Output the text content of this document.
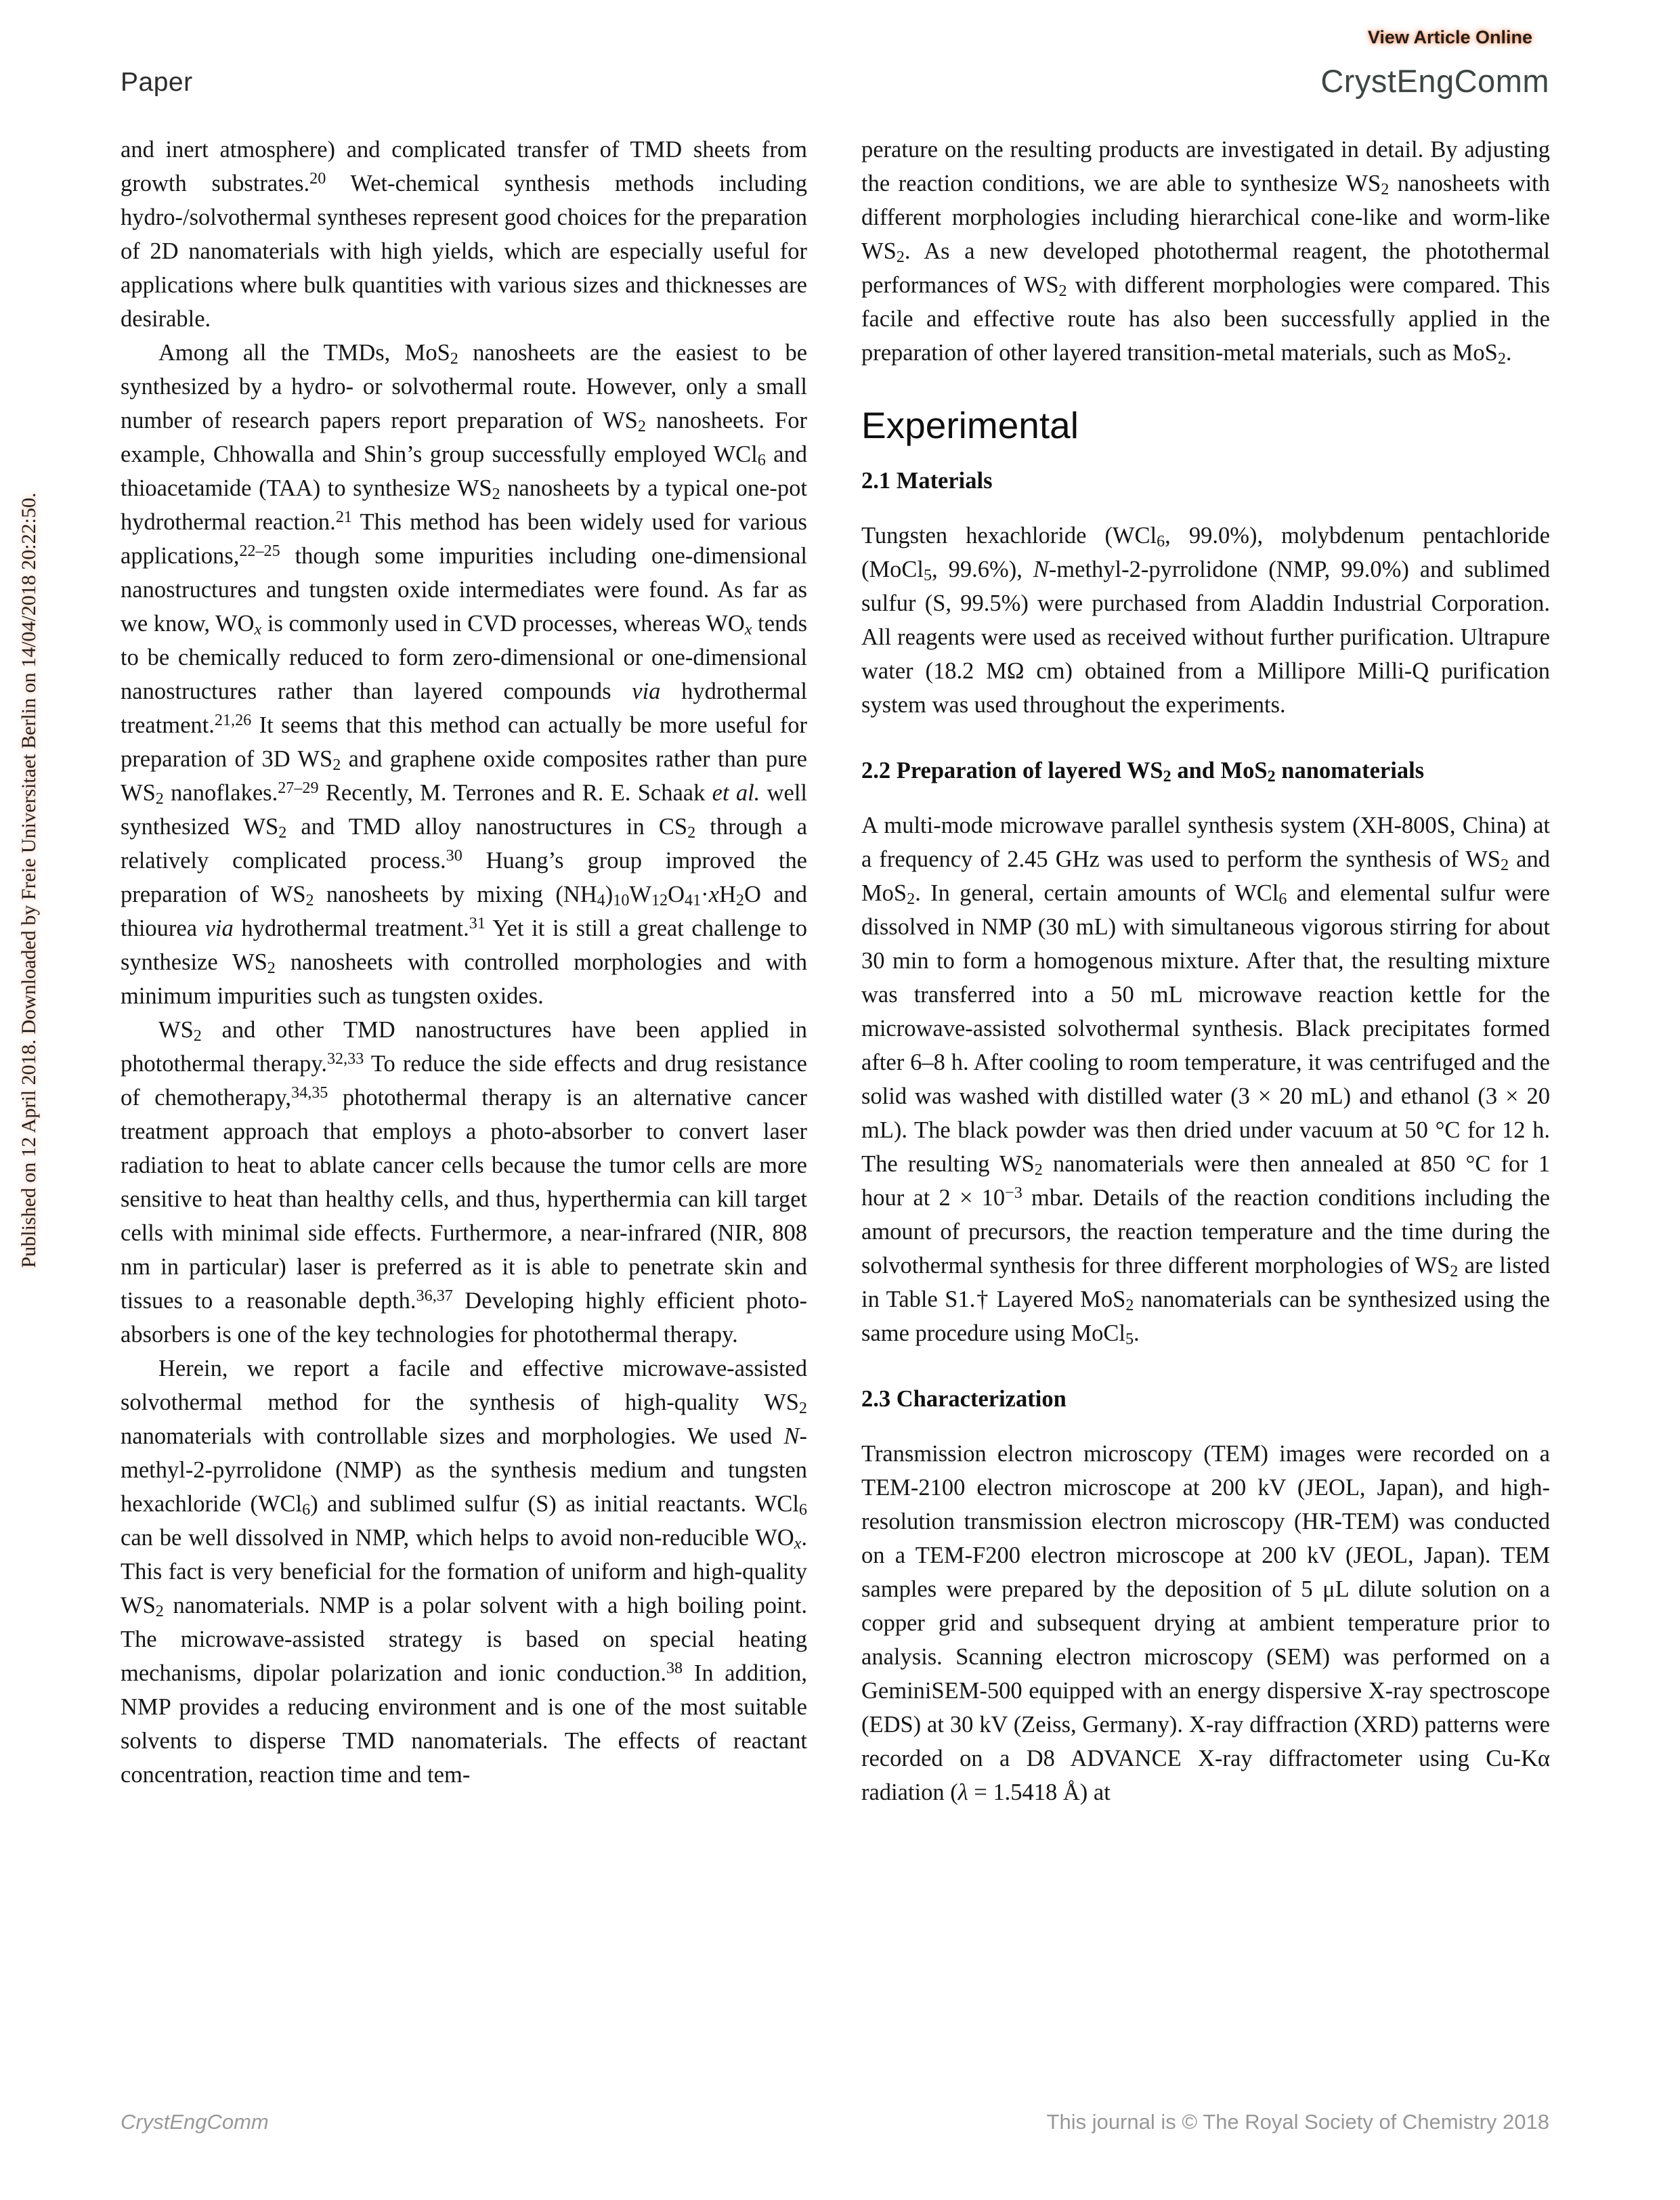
View Article Online
Paper	CrystEngComm
Published on 12 April 2018. Downloaded by Freie Universitaet Berlin on 14/04/2018 20:22:50.

and inert atmosphere) and complicated transfer of TMD sheets from growth substrates.$^{20}$ Wet-chemical synthesis methods including hydro-/solvothermal syntheses represent good choices for the preparation of 2D nanomaterials with high yields, which are especially useful for applications where bulk quantities with various sizes and thicknesses are desirable.

Among all the TMDs, MoS$_2$ nanosheets are the easiest to be synthesized by a hydro- or solvothermal route. However, only a small number of research papers report preparation of $WS_2$ nanosheets. For example, Chhowalla and Shin’s group successfully employed WCl$_6$ and thioacetamide (TAA) to synthesize $WS_2$ nanosheets by a typical one-pot hydrothermal reaction.$^{21}$ This method has been widely used for various applications,$^{22-25}$ though some impurities including one-dimensional nanostructures and tungsten oxide intermediates were found. As far as we know, $WO_x$ is commonly used in CVD processes, whereas $WO_x$ tends to be chemically reduced to form zero-dimensional or one-dimensional nanostructures rather than layered compounds via hydrothermal treatment.$^{21,26}$ It seems that this method can actually be more useful for preparation of 3D $WS_2$ and graphene oxide composites rather than pure $WS_2$ nanoflakes.$^{27-29}$ Recently, M. Terrones and R. E. Schaak et al. well synthesized $WS_2$ and TMD alloy nanostructures in $CS_2$ through a relatively complicated process.$^{30}$ Huang’s group improved the preparation of $WS_2$ nanosheets by mixing $(NH_4)_{10}W_{12}O_{41}\cdot xH_2O$ and thiourea via hydrothermal treatment.$^{31}$ Yet it is still a great challenge to synthesize $WS_2$ nanosheets with controlled morphologies and with minimum impurities such as tungsten oxides.

$WS_2$ and other TMD nanostructures have been applied in photothermal therapy.$^{32,33}$ To reduce the side effects and drug resistance of chemotherapy,$^{34,35}$ photothermal therapy is an alternative cancer treatment approach that employs a photo-absorber to convert laser radiation to heat to ablate cancer cells because the tumor cells are more sensitive to heat than healthy cells, and thus, hyperthermia can kill target cells with minimal side effects. Furthermore, a near-infrared (NIR, 808 nm in particular) laser is preferred as it is able to penetrate skin and tissues to a reasonable depth.$^{36,37}$ Developing highly efficient photo-absorbers is one of the key technologies for photothermal therapy.

Herein, we report a facile and effective microwave-assisted solvothermal method for the synthesis of high-quality $WS_2$ nanomaterials with controllable sizes and morphologies. We used N-methyl-2-pyrrolidone (NMP) as the synthesis medium and tungsten hexachloride (WCl$_6$) and sublimed sulfur (S) as initial reactants. WCl$_6$ can be well dissolved in NMP, which helps to avoid non-reducible $WO_x$. This fact is very beneficial for the formation of uniform and high-quality $WS_2$ nanomaterials. NMP is a polar solvent with a high boiling point. The microwave-assisted strategy is based on special heating mechanisms, dipolar polarization and ionic conduction.$^{38}$ In addition, NMP provides a reducing environment and is one of the most suitable solvents to disperse TMD nanomaterials. The effects of reactant concentration, reaction time and tem-

perature on the resulting products are investigated in detail. By adjusting the reaction conditions, we are able to synthesize $WS_2$ nanosheets with different morphologies including hierarchical cone-like and worm-like $WS_2$. As a new developed photothermal reagent, the photothermal performances of $WS_2$ with different morphologies were compared. This facile and effective route has also been successfully applied in the preparation of other layered transition-metal materials, such as MoS$_2$.

Experimental
2.1 Materials

Tungsten hexachloride (WCl$_6$, 99.0%), molybdenum pentachloride (MoCl$_5$, 99.6%), N-methyl-2-pyrrolidone (NMP, 99.0%) and sublimed sulfur (S, 99.5%) were purchased from Aladdin Industrial Corporation. All reagents were used as received without further purification. Ultrapure water (18.2 MΩ cm) obtained from a Millipore Milli-Q purification system was used throughout the experiments.

2.2 Preparation of layered $WS_2$ and MoS$_2$ nanomaterials

A multi-mode microwave parallel synthesis system (XH-800S, China) at a frequency of 2.45 GHz was used to perform the synthesis of $WS_2$ and MoS$_2$. In general, certain amounts of WCl$_6$ and elemental sulfur were dissolved in NMP (30 mL) with simultaneous vigorous stirring for about 30 min to form a homogenous mixture. After that, the resulting mixture was transferred into a 50 mL microwave reaction kettle for the microwave-assisted solvothermal synthesis. Black precipitates formed after 6–8 h. After cooling to room temperature, it was centrifuged and the solid was washed with distilled water (3 × 20 mL) and ethanol (3 × 20 mL). The black powder was then dried under vacuum at 50 °C for 12 h. The resulting $WS_2$ nanomaterials were then annealed at 850 °C for 1 hour at $2 \times 10^{-3}$ mbar. Details of the reaction conditions including the amount of precursors, the reaction temperature and the time during the solvothermal synthesis for three different morphologies of $WS_2$ are listed in Table S1.† Layered MoS$_2$ nanomaterials can be synthesized using the same procedure using MoCl$_5$.

2.3 Characterization

Transmission electron microscopy (TEM) images were recorded on a TEM-2100 electron microscope at 200 kV (JEOL, Japan), and high-resolution transmission electron microscopy (HR-TEM) was conducted on a TEM-F200 electron microscope at 200 kV (JEOL, Japan). TEM samples were prepared by the deposition of 5 μL dilute solution on a copper grid and subsequent drying at ambient temperature prior to analysis. Scanning electron microscopy (SEM) was performed on a GeminiSEM-500 equipped with an energy dispersive X-ray spectroscope (EDS) at 30 kV (Zeiss, Germany). X-ray diffraction (XRD) patterns were recorded on a D8 ADVANCE X-ray diffractometer using Cu-Kα radiation (λ = 1.5418 Å) at

CrystEngComm	This journal is © The Royal Society of Chemistry 2018
